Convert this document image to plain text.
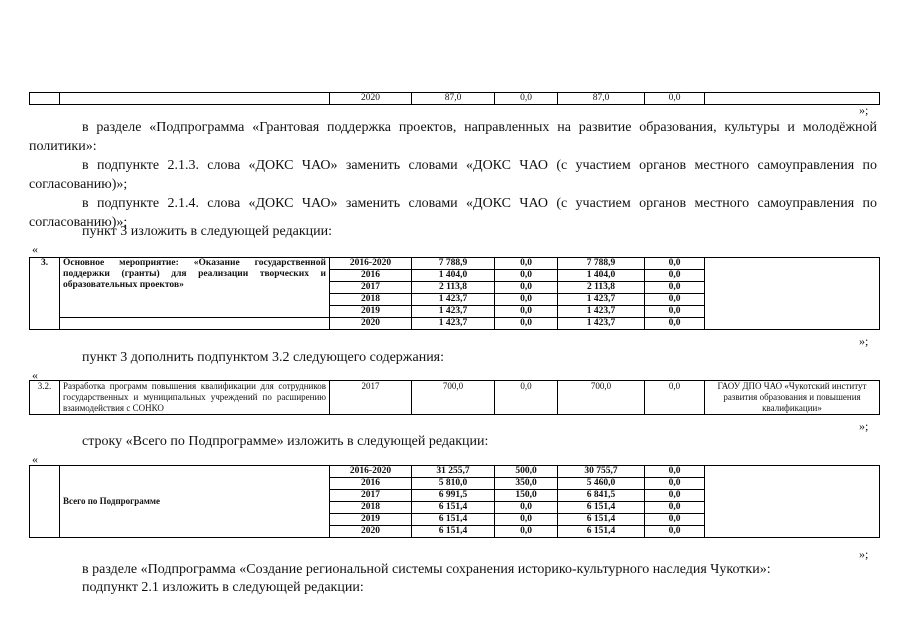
		2020	87,0	0,0	87,0	0,0	
»;
в разделе «Подпрограмма «Грантовая поддержка проектов, направленных на развитие образования, культуры и молодёжной политики»:
в подпункте 2.1.3. слова «ДОКС ЧАО» заменить словами «ДОКС ЧАО (с участием органов местного самоуправления по согласованию)»;
в подпункте 2.1.4. слова «ДОКС ЧАО» заменить словами «ДОКС ЧАО (с участием органов местного самоуправления по согласованию)»;
пункт 3 изложить в следующей редакции:
«
3.	Основное мероприятие: «Оказание государственной поддержки (гранты) для реализации творческих и образовательных проектов»	2016-2020	7 788,9	0,0	7 788,9	0,0	
		2016	1 404,0	0,0	1 404,0	0,0	
		2017	2 113,8	0,0	2 113,8	0,0	
		2018	1 423,7	0,0	1 423,7	0,0	
		2019	1 423,7	0,0	1 423,7	0,0	
		2020	1 423,7	0,0	1 423,7	0,0	
»;
пункт 3 дополнить подпунктом 3.2 следующего содержания:
«
3.2.	Разработка программ повышения квалификации для сотрудников государственных и муниципальных учреждений по расширению взаимодействия с СОНКО	2017	700,0	0,0	700,0	0,0	ГАОУ ДПО ЧАО «Чукотский институт развития образования и повышения квалификации»
»;
строку «Всего по Подпрограмме» изложить в следующей редакции:
«
	Всего по Подпрограмме	2016-2020	31 255,7	500,0	30 755,7	0,0	
		2016	5 810,0	350,0	5 460,0	0,0	
		2017	6 991,5	150,0	6 841,5	0,0	
		2018	6 151,4	0,0	6 151,4	0,0	
		2019	6 151,4	0,0	6 151,4	0,0	
		2020	6 151,4	0,0	6 151,4	0,0	
»;
в разделе «Подпрограмма «Создание региональной системы сохранения историко-культурного наследия Чукотки»:
подпункт 2.1 изложить в следующей редакции:
